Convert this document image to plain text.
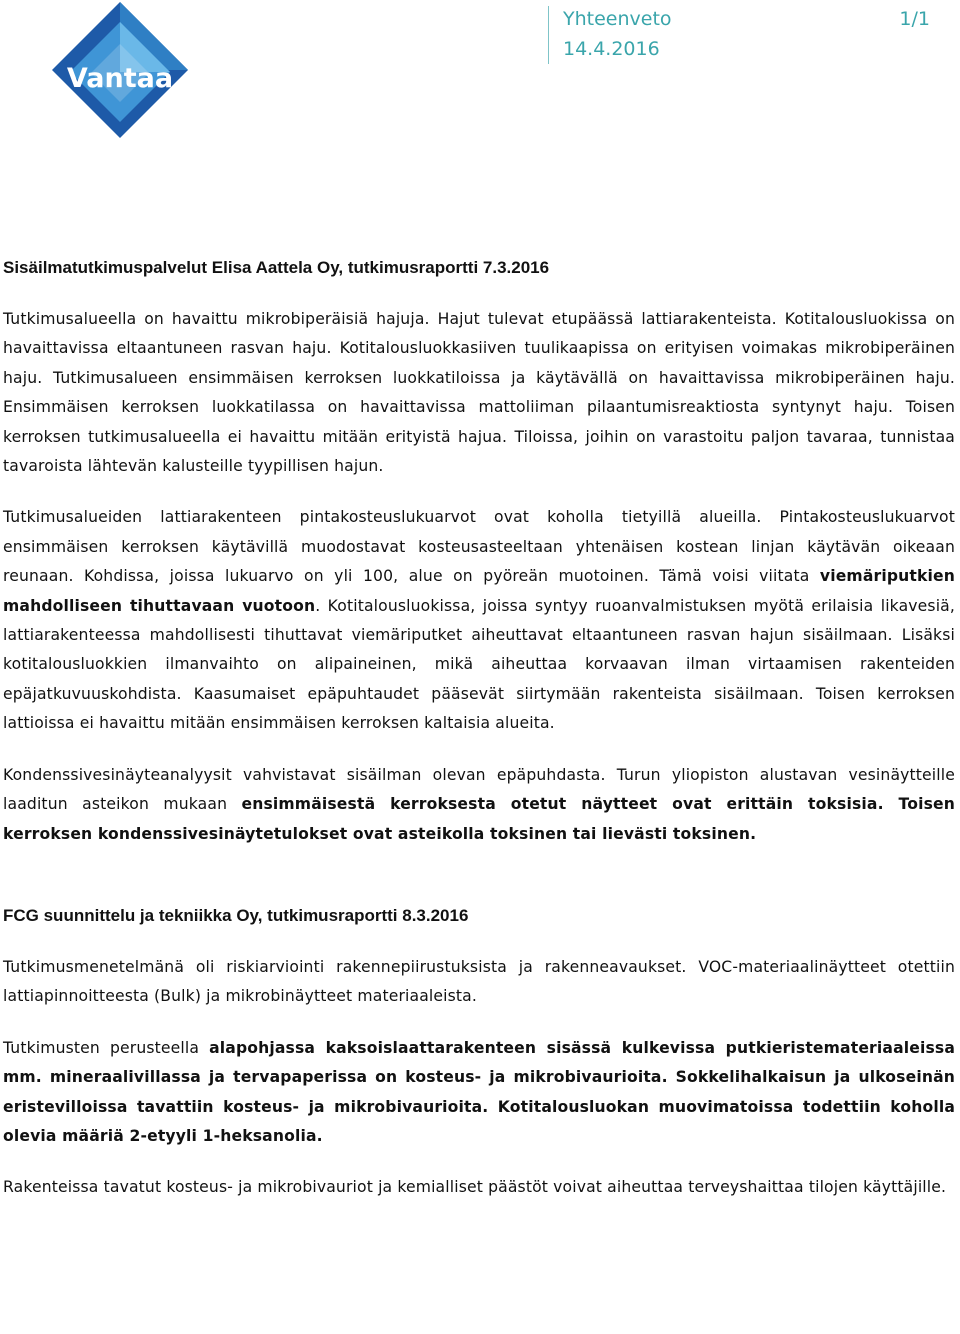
Vantaa
Yhteenveto
14.4.2016
1/1
Sisäilmatutkimuspalvelut Elisa Aattela Oy, tutkimusraportti 7.3.2016

Tutkimusalueella on havaittu mikrobiperäisiä hajuja. Hajut tulevat etupäässä lattiarakenteista. Kotitalousluokissa on havaittavissa eltaantuneen rasvan haju. Kotitalousluokkasiiven tuulikaapissa on erityisen voimakas mikrobiperäinen haju. Tutkimusalueen ensimmäisen kerroksen luokkatiloissa ja käytävällä on havaittavissa mikrobiperäinen haju. Ensimmäisen kerroksen luokkatilassa on havaittavissa mattoliiman pilaantumisreaktiosta syntynyt haju. Toisen kerroksen tutkimusalueella ei havaittu mitään erityistä hajua. Tiloissa, joihin on varastoitu paljon tavaraa, tunnistaa tavaroista lähtevän kalusteille tyypillisen hajun.

Tutkimusalueiden lattiarakenteen pintakosteuslukuarvot ovat koholla tietyillä alueilla. Pintakosteuslukuarvot ensimmäisen kerroksen käytävillä muodostavat kosteusasteeltaan yhtenäisen kostean linjan käytävän oikeaan reunaan. Kohdissa, joissa lukuarvo on yli 100, alue on pyöreän muotoinen. Tämä voisi viitata viemäriputkien mahdolliseen tihuttavaan vuotoon. Kotitalousluokissa, joissa syntyy ruoanvalmistuksen myötä erilaisia likavesiä, lattiarakenteessa mahdollisesti tihuttavat viemäriputket aiheuttavat eltaantuneen rasvan hajun sisäilmaan. Lisäksi kotitalousluokkien ilmanvaihto on alipaineinen, mikä aiheuttaa korvaavan ilman virtaamisen rakenteiden epäjatkuvuuskohdista. Kaasumaiset epäpuhtaudet pääsevät siirtymään rakenteista sisäilmaan. Toisen kerroksen lattioissa ei havaittu mitään ensimmäisen kerroksen kaltaisia alueita.

Kondenssivesinäyteanalyysit vahvistavat sisäilman olevan epäpuhdasta. Turun yliopiston alustavan vesinäytteille laaditun asteikon mukaan ensimmäisestä kerroksesta otetut näytteet ovat erittäin toksisia. Toisen kerroksen kondenssivesinäytetulokset ovat asteikolla toksinen tai lievästi toksinen.

FCG suunnittelu ja tekniikka Oy, tutkimusraportti 8.3.2016

Tutkimusmenetelmänä oli riskiarviointi rakennepiirustuksista ja rakenneavaukset. VOC-materiaalinäytteet otettiin lattiapinnoitteesta (Bulk) ja mikrobinäytteet materiaaleista.

Tutkimusten perusteella alapohjassa kaksoislaattarakenteen sisässä kulkevissa putkieristemateriaaleissa mm. mineraalivillassa ja tervapaperissa on kosteus- ja mikrobivaurioita. Sokkelihalkaisun ja ulkoseinän eristevilloissa tavattiin kosteus- ja mikrobivaurioita. Kotitalousluokan muovimatoissa todettiin koholla olevia määriä 2-etyyli 1-heksanolia.

Rakenteissa tavatut kosteus- ja mikrobivauriot ja kemialliset päästöt voivat aiheuttaa terveyshaittaa tilojen käyttäjille.
